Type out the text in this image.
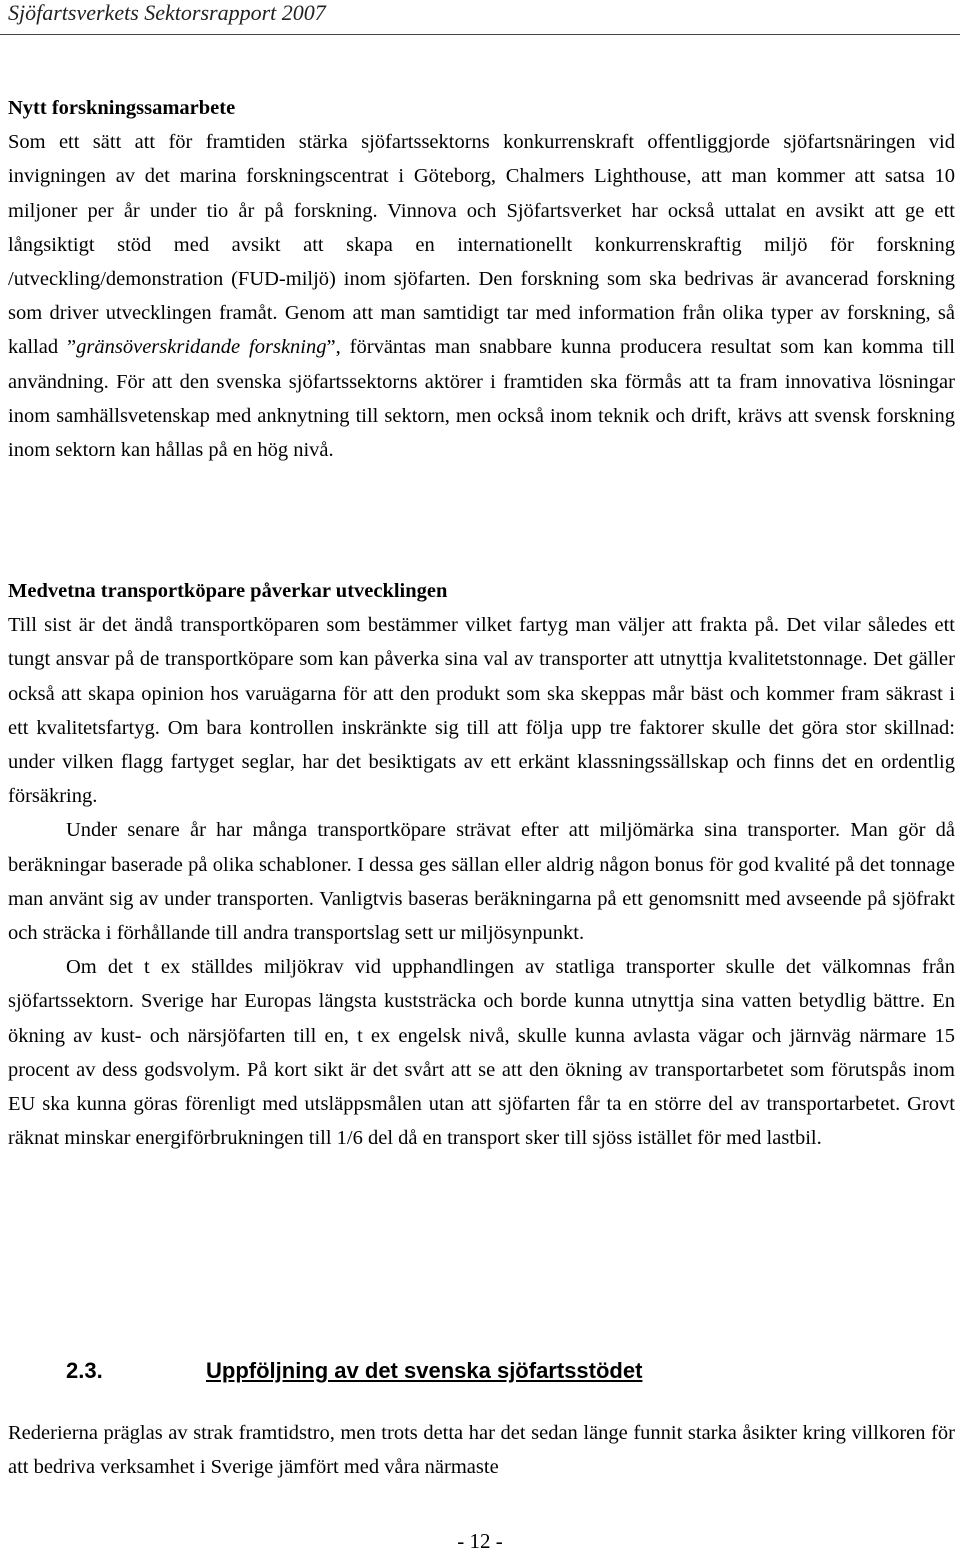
Sjöfartsverkets Sektorsrapport 2007

Nytt forskningssamarbete
Som ett sätt att för framtiden stärka sjöfartssektorns konkurrenskraft offentliggjorde sjöfartsnäringen vid invigningen av det marina forskningscentrat i Göteborg, Chalmers Lighthouse, att man kommer att satsa 10 miljoner per år under tio år på forskning. Vinnova och Sjöfartsverket har också uttalat en avsikt att ge ett långsiktigt stöd med avsikt att skapa en internationellt konkurrenskraftig miljö för forskning /utveckling/demonstration (FUD-miljö) inom sjöfarten. Den forskning som ska bedrivas är avancerad forskning som driver utvecklingen framåt. Genom att man samtidigt tar med information från olika typer av forskning, så kallad ”gränsöverskridande forskning”, förväntas man snabbare kunna producera resultat som kan komma till användning. För att den svenska sjöfartssektorns aktörer i framtiden ska förmås att ta fram innovativa lösningar inom samhällsvetenskap med anknytning till sektorn, men också inom teknik och drift, krävs att svensk forskning inom sektorn kan hållas på en hög nivå.

Medvetna transportköpare påverkar utvecklingen
Till sist är det ändå transportköparen som bestämmer vilket fartyg man väljer att frakta på. Det vilar således ett tungt ansvar på de transportköpare som kan påverka sina val av transporter att utnyttja kvalitetstonnage. Det gäller också att skapa opinion hos varuägarna för att den produkt som ska skeppas mår bäst och kommer fram säkrast i ett kvalitetsfartyg. Om bara kontrollen inskränkte sig till att följa upp tre faktorer skulle det göra stor skillnad: under vilken flagg fartyget seglar, har det besiktigats av ett erkänt klassningssällskap och finns det en ordentlig försäkring.

Under senare år har många transportköpare strävat efter att miljömärka sina transporter. Man gör då beräkningar baserade på olika schabloner. I dessa ges sällan eller aldrig någon bonus för god kvalité på det tonnage man använt sig av under transporten. Vanligtvis baseras beräkningarna på ett genomsnitt med avseende på sjöfrakt och sträcka i förhållande till andra transportslag sett ur miljösynpunkt.

Om det t ex ställdes miljökrav vid upphandlingen av statliga transporter skulle det välkomnas från sjöfartssektorn. Sverige har Europas längsta kuststräcka och borde kunna utnyttja sina vatten betydlig bättre. En ökning av kust- och närsjöfarten till en, t ex engelsk nivå, skulle kunna avlasta vägar och järnväg närmare 15 procent av dess godsvolym. På kort sikt är det svårt att se att den ökning av transportarbetet som förutspås inom EU ska kunna göras förenligt med utsläppsmålen utan att sjöfarten får ta en större del av transportarbetet. Grovt räknat minskar energiförbrukningen till 1/6 del då en transport sker till sjöss istället för med lastbil.

2.3.	Uppföljning av det svenska sjöfartsstödet

Rederierna präglas av strak framtidstro, men trots detta har det sedan länge funnit starka åsikter kring villkoren för att bedriva verksamhet i Sverige jämfört med våra närmaste

- 12 -
